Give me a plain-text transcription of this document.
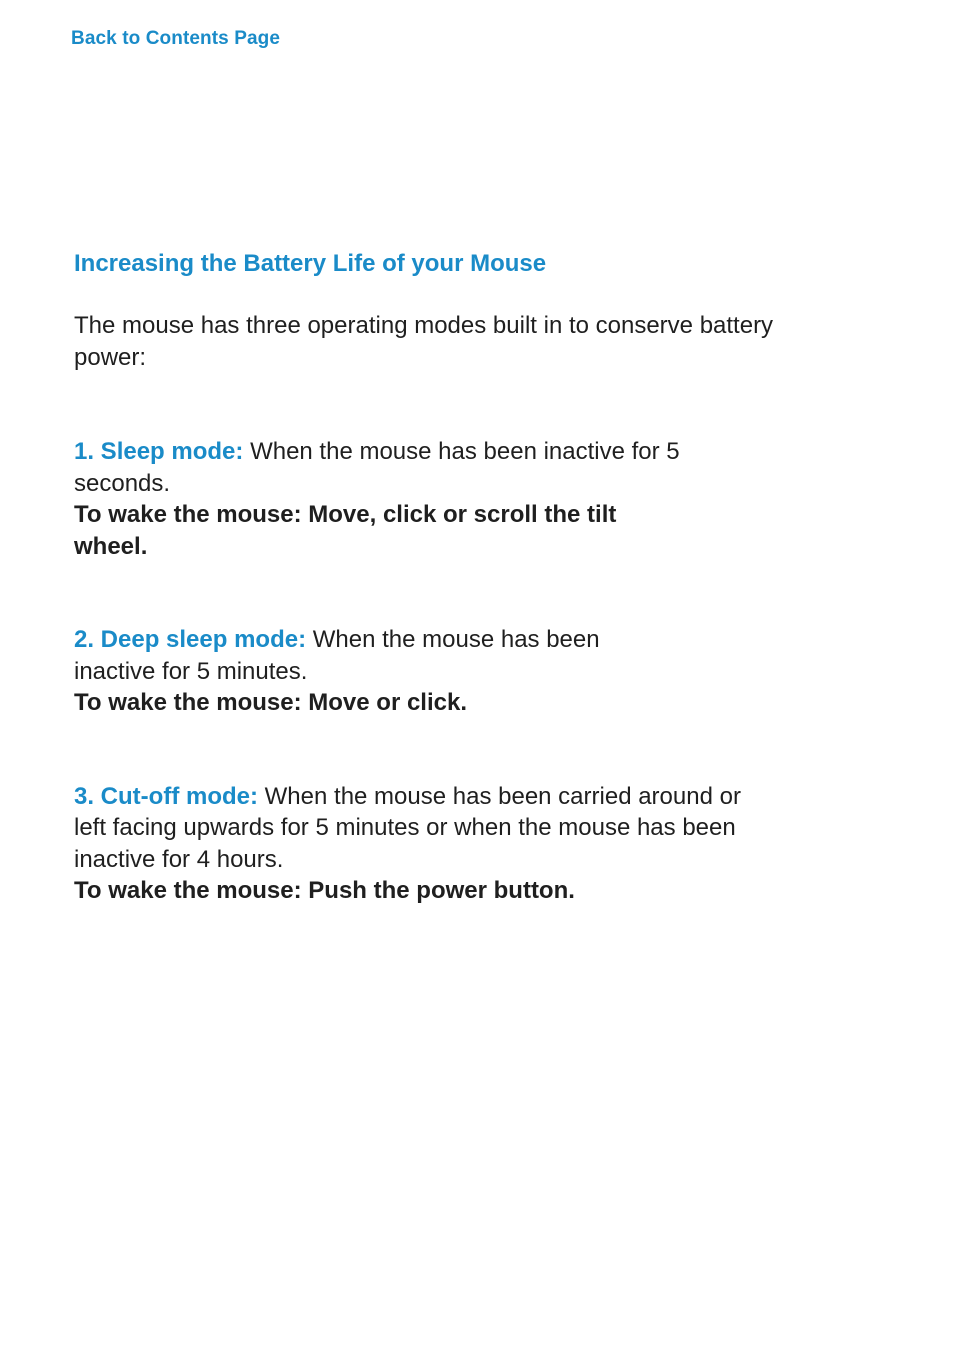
Back to Contents Page
Increasing the Battery Life of your Mouse

The mouse has three operating modes built in to conserve battery power:

1. Sleep mode: When the mouse has been inactive for 5 seconds.
To wake the mouse: Move, click or scroll the tilt wheel.

2. Deep sleep mode: When the mouse has been inactive for 5 minutes.
To wake the mouse: Move or click.

3. Cut-off mode: When the mouse has been carried around or left facing upwards for 5 minutes or when the mouse has been inactive for 4 hours.
To wake the mouse: Push the power button.
